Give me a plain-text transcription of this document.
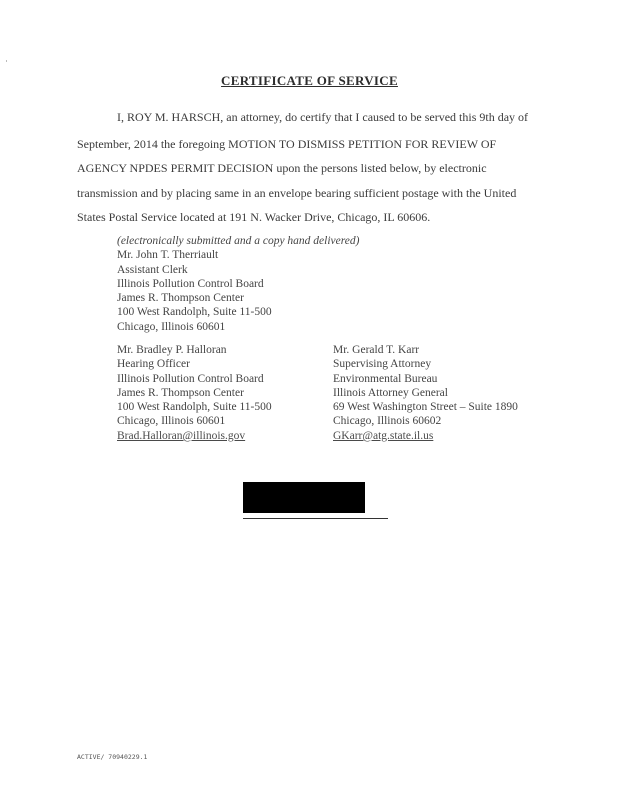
CERTIFICATE OF SERVICE
I, ROY M. HARSCH, an attorney, do certify that I caused to be served this 9th day of
September, 2014 the foregoing MOTION TO DISMISS PETITION FOR REVIEW OF
AGENCY NPDES PERMIT DECISION upon the persons listed below, by electronic
transmission and by placing same in an envelope bearing sufficient postage with the United
States Postal Service located at 191 N. Wacker Drive, Chicago, IL 60606.
(electronically submitted and a copy hand delivered)
Mr. John T. Therriault
Assistant Clerk
Illinois Pollution Control Board
James R. Thompson Center
100 West Randolph, Suite 11-500
Chicago, Illinois 60601
Mr. Bradley P. Halloran
Hearing Officer
Illinois Pollution Control Board
James R. Thompson Center
100 West Randolph, Suite 11-500
Chicago, Illinois 60601
Brad.Halloran@illinois.gov
Mr. Gerald T. Karr
Supervising Attorney
Environmental Bureau
Illinois Attorney General
69 West Washington Street – Suite 1890
Chicago, Illinois 60602
GKarr@atg.state.il.us
ACTIVE/ 70940229.1
